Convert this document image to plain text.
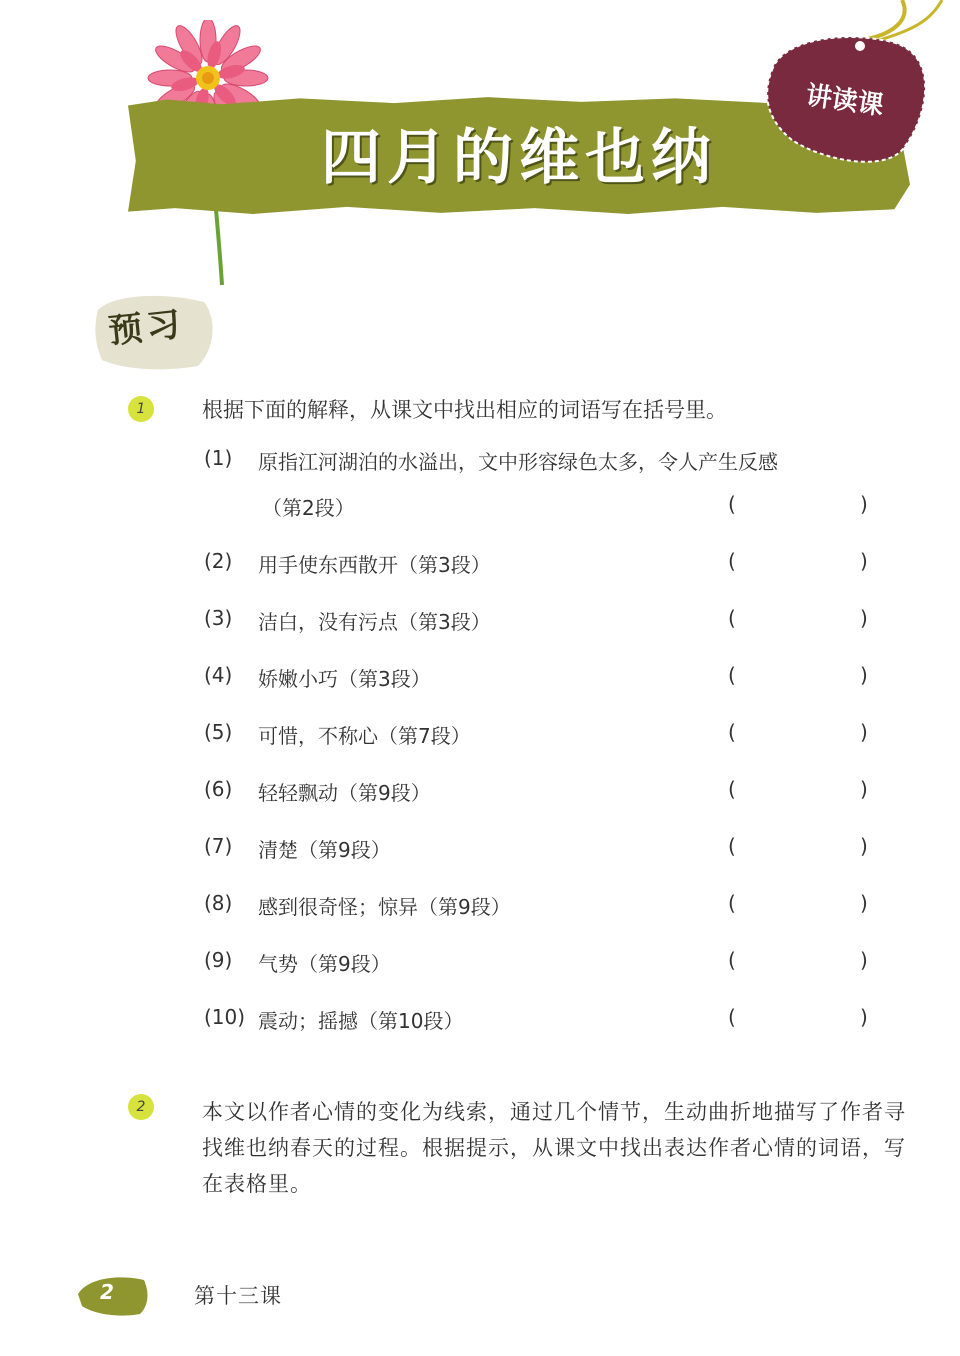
四月的维也纳
讲读课
预习
1	根据下面的解释，从课文中找出相应的词语写在括号里。
(1) 原指江河湖泊的水溢出，文中形容绿色太多，令人产生反感
（第2段）	(	)
(2) 用手使东西散开（第3段）	(	)
(3) 洁白，没有污点（第3段）	(	)
(4) 娇嫩小巧（第3段）	(	)
(5) 可惜，不称心（第7段）	(	)
(6) 轻轻飘动（第9段）	(	)
(7) 清楚（第9段）	(	)
(8) 感到很奇怪；惊异（第9段）	(	)
(9) 气势（第9段）	(	)
(10) 震动；摇撼（第10段）	(	)
2	本文以作者心情的变化为线索，通过几个情节，生动曲折地描写了作者寻找维也纳春天的过程。根据提示，从课文中找出表达作者心情的词语，写在表格里。
2	第十三课
